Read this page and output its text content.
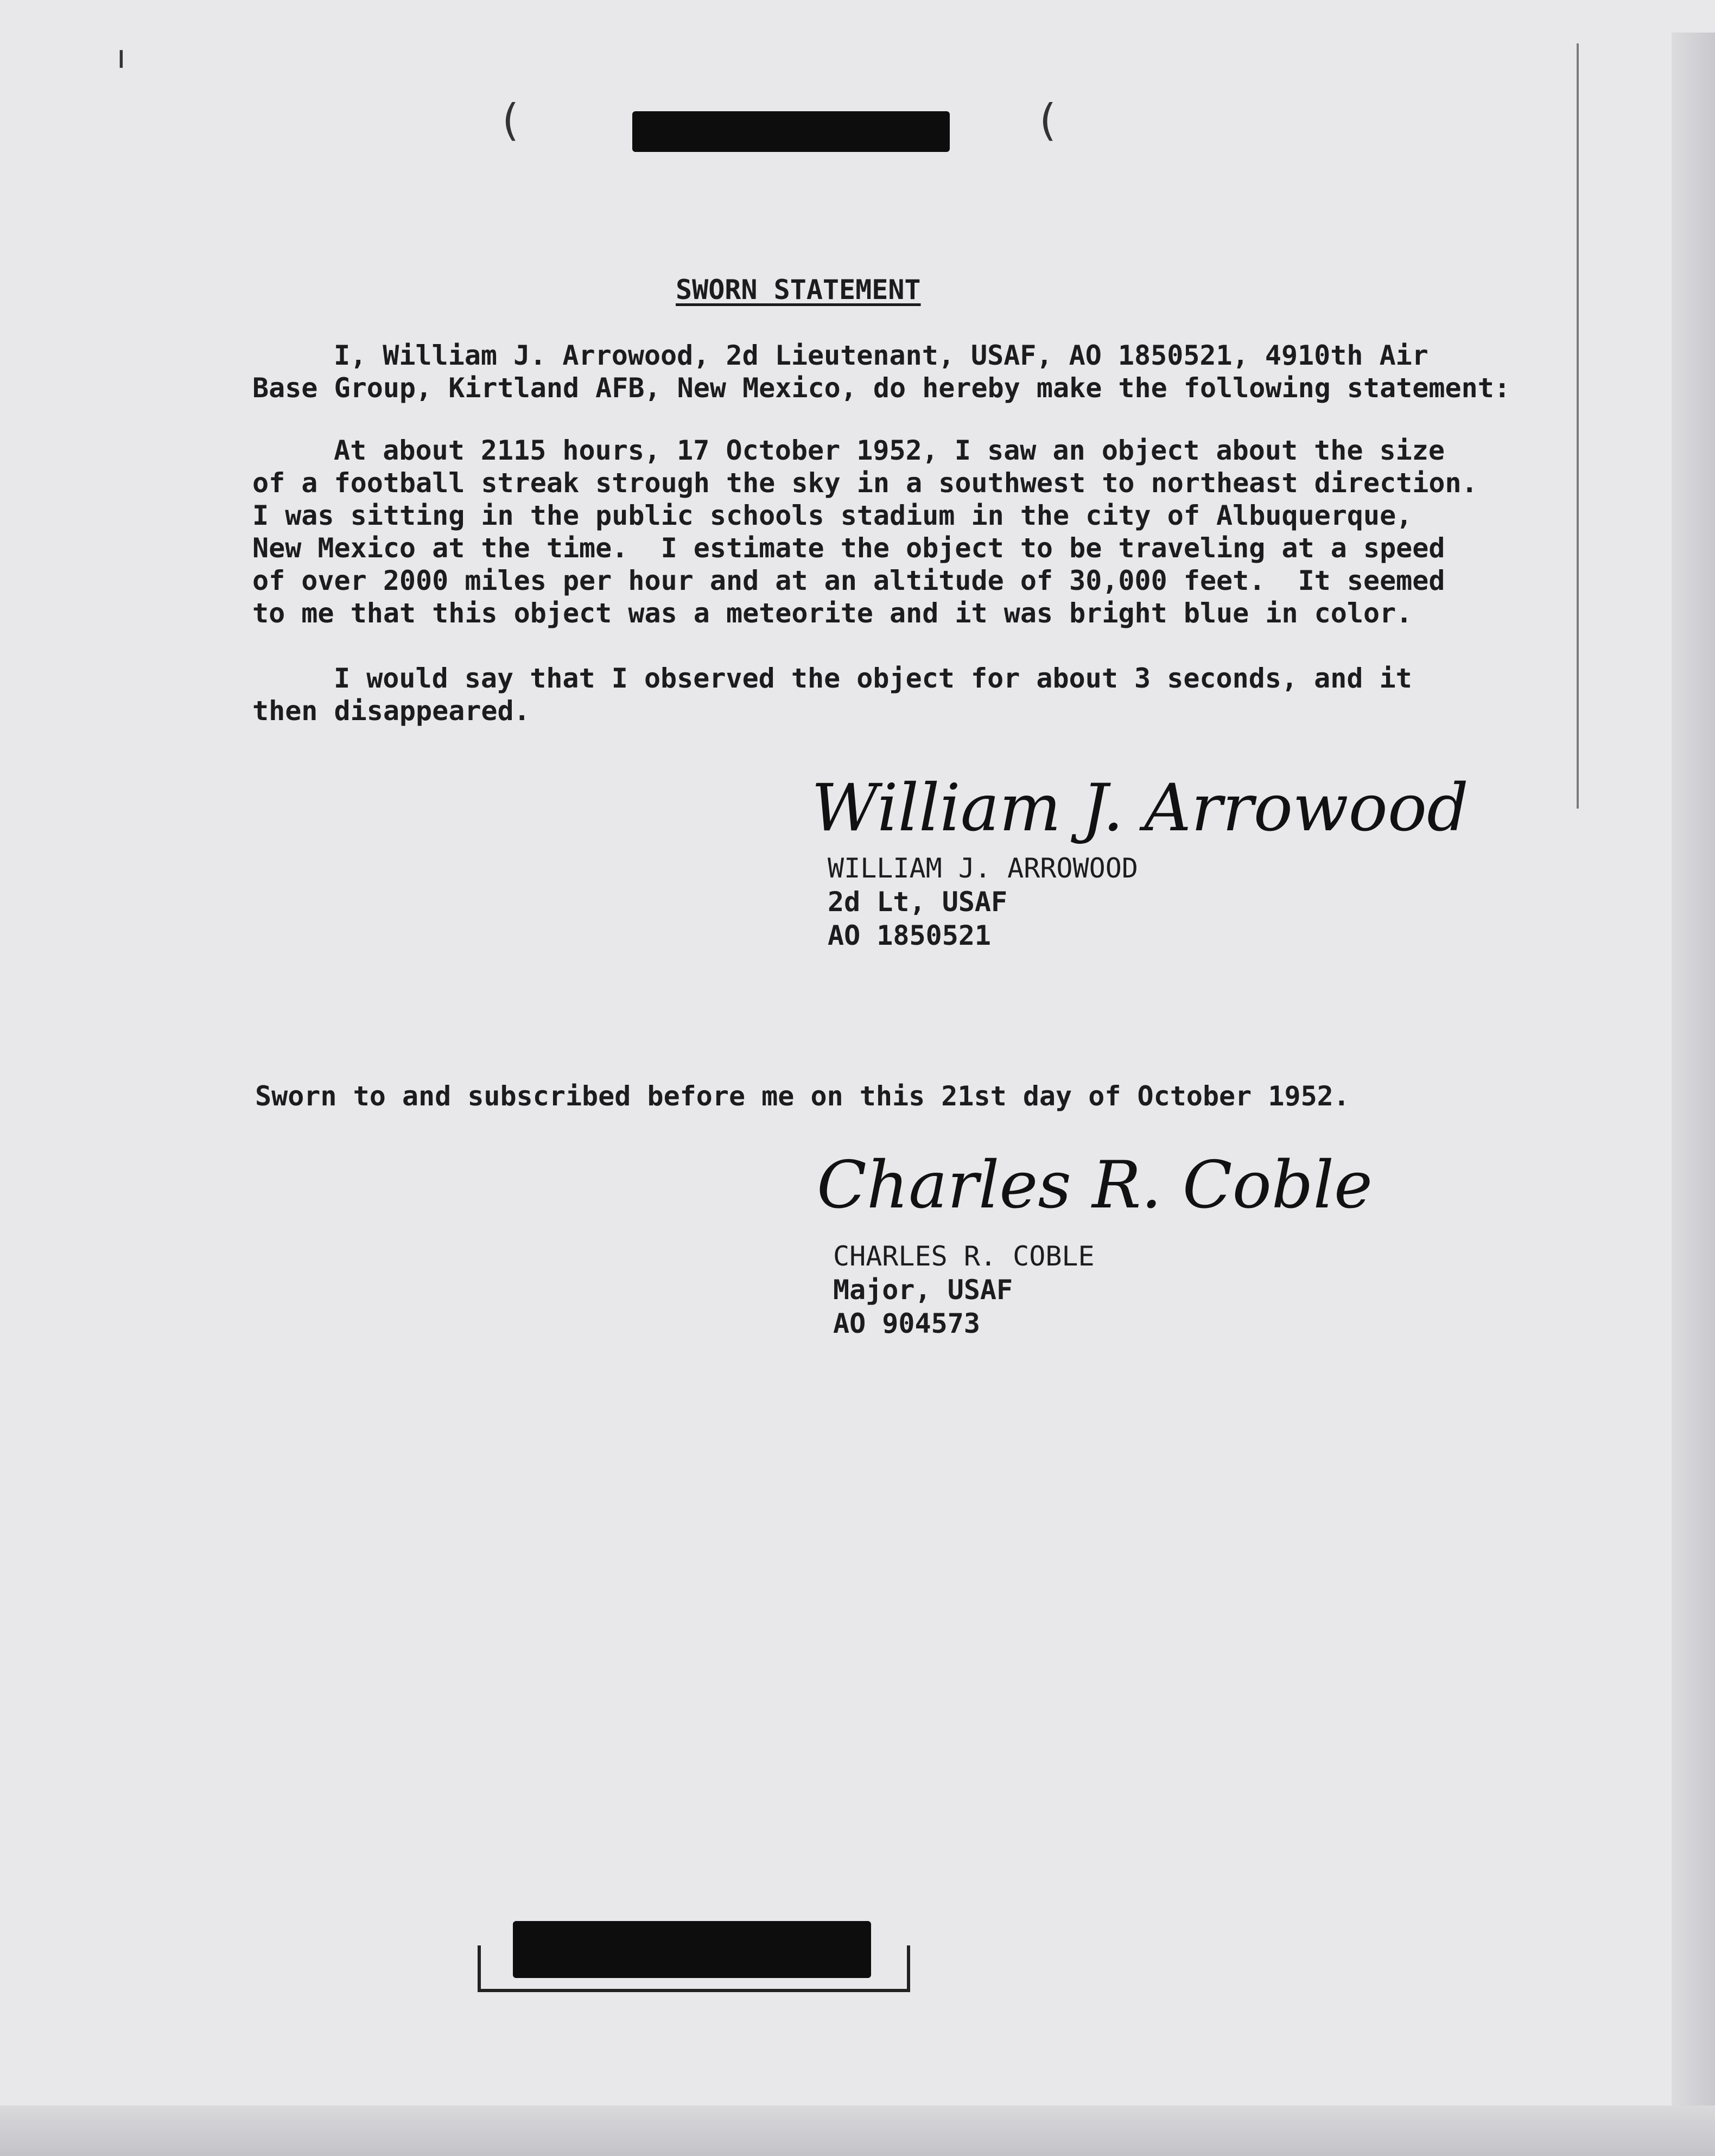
ı
(	(
SWORN STATEMENT
I, William J. Arrowood, 2d Lieutenant, USAF, AO 1850521, 4910th Air
Base Group, Kirtland AFB, New Mexico, do hereby make the following statement:
At about 2115 hours, 17 October 1952, I saw an object about the size
of a football streak strough the sky in a southwest to northeast direction.
I was sitting in the public schools stadium in the city of Albuquerque,
New Mexico at the time.  I estimate the object to be traveling at a speed
of over 2000 miles per hour and at an altitude of 30,000 feet.  It seemed
to me that this object was a meteorite and it was bright blue in color.
I would say that I observed the object for about 3 seconds, and it
then disappeared.
William J. Arrowood
WILLIAM J. ARROWOOD
2d Lt, USAF
AO 1850521
Sworn to and subscribed before me on this 21st day of October 1952.
Charles R. Coble
CHARLES R. COBLE
Major, USAF
AO 904573
